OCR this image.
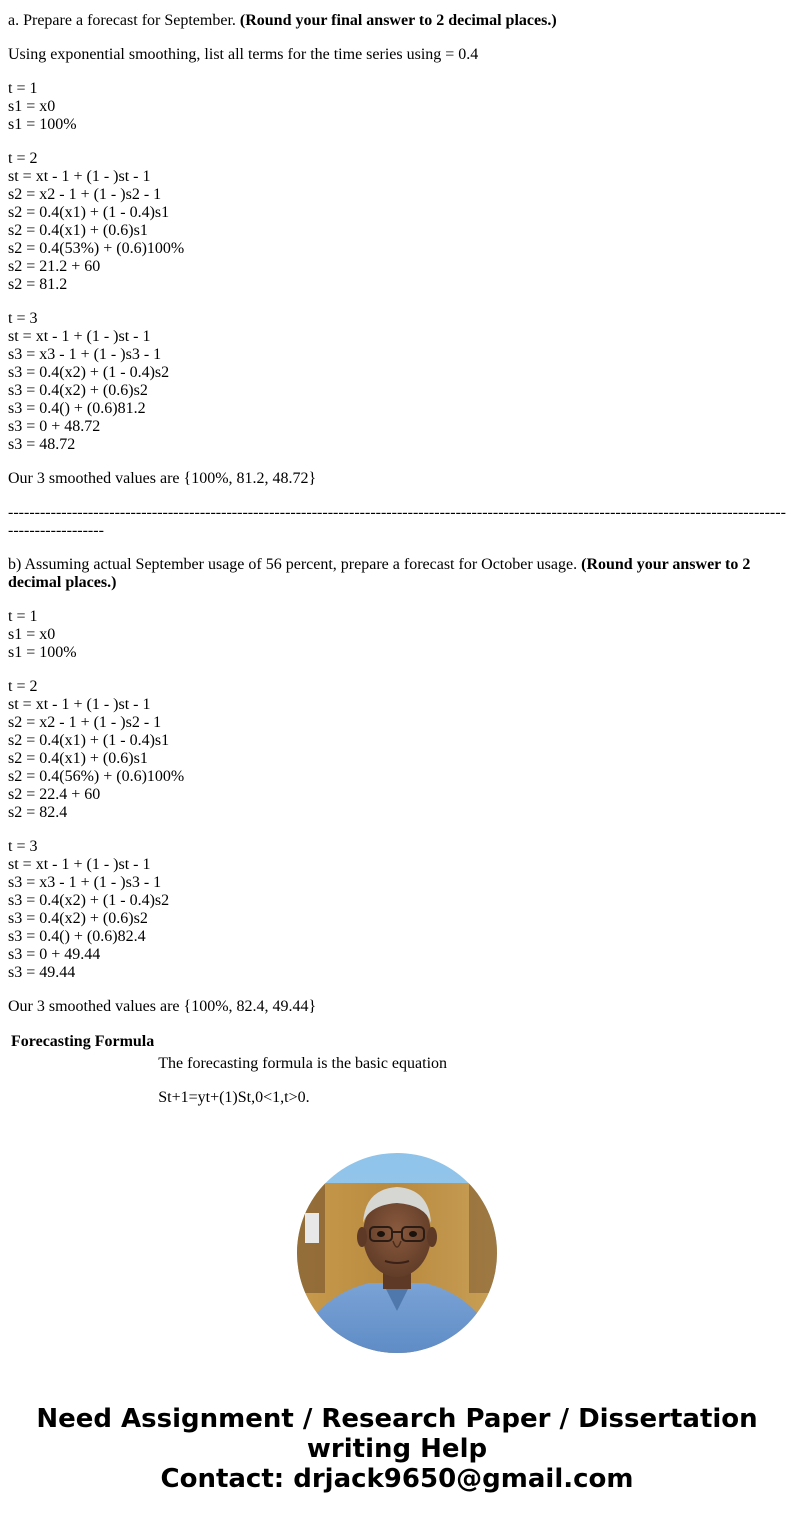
a. Prepare a forecast for September. (Round your final answer to 2 decimal places.)

Using exponential smoothing, list all terms for the time series using = 0.4

t = 1
s1 = x0
s1 = 100%
t = 2
st = xt - 1 + (1 - )st - 1
s2 = x2 - 1 + (1 - )s2 - 1
s2 = 0.4(x1) + (1 - 0.4)s1
s2 = 0.4(x1) + (0.6)s1
s2 = 0.4(53%) + (0.6)100%
s2 = 21.2 + 60
s2 = 81.2
t = 3
st = xt - 1 + (1 - )st - 1
s3 = x3 - 1 + (1 - )s3 - 1
s3 = 0.4(x2) + (1 - 0.4)s2
s3 = 0.4(x2) + (0.6)s2
s3 = 0.4() + (0.6)81.2
s3 = 0 + 48.72
s3 = 48.72

Our 3 smoothed values are {100%, 81.2, 48.72}

--------------------------------------------------------------------------------------------------------------------------------------------------------------------

b) Assuming actual September usage of 56 percent, prepare a forecast for October usage. (Round your answer to 2 decimal places.)

t = 1
s1 = x0
s1 = 100%
t = 2
st = xt - 1 + (1 - )st - 1
s2 = x2 - 1 + (1 - )s2 - 1
s2 = 0.4(x1) + (1 - 0.4)s1
s2 = 0.4(x1) + (0.6)s1
s2 = 0.4(56%) + (0.6)100%
s2 = 22.4 + 60
s2 = 82.4
t = 3
st = xt - 1 + (1 - )st - 1
s3 = x3 - 1 + (1 - )s3 - 1
s3 = 0.4(x2) + (1 - 0.4)s2
s3 = 0.4(x2) + (0.6)s2
s3 = 0.4() + (0.6)82.4
s3 = 0 + 49.44
s3 = 49.44

Our 3 smoothed values are {100%, 82.4, 49.44}

Forecasting Formula	

	The forecasting formula is the basic equation

St+1=yt+(1)St,0<1,t>0.

Need Assignment / Research Paper / Dissertation
writing Help
Contact: drjack9650@gmail.com
